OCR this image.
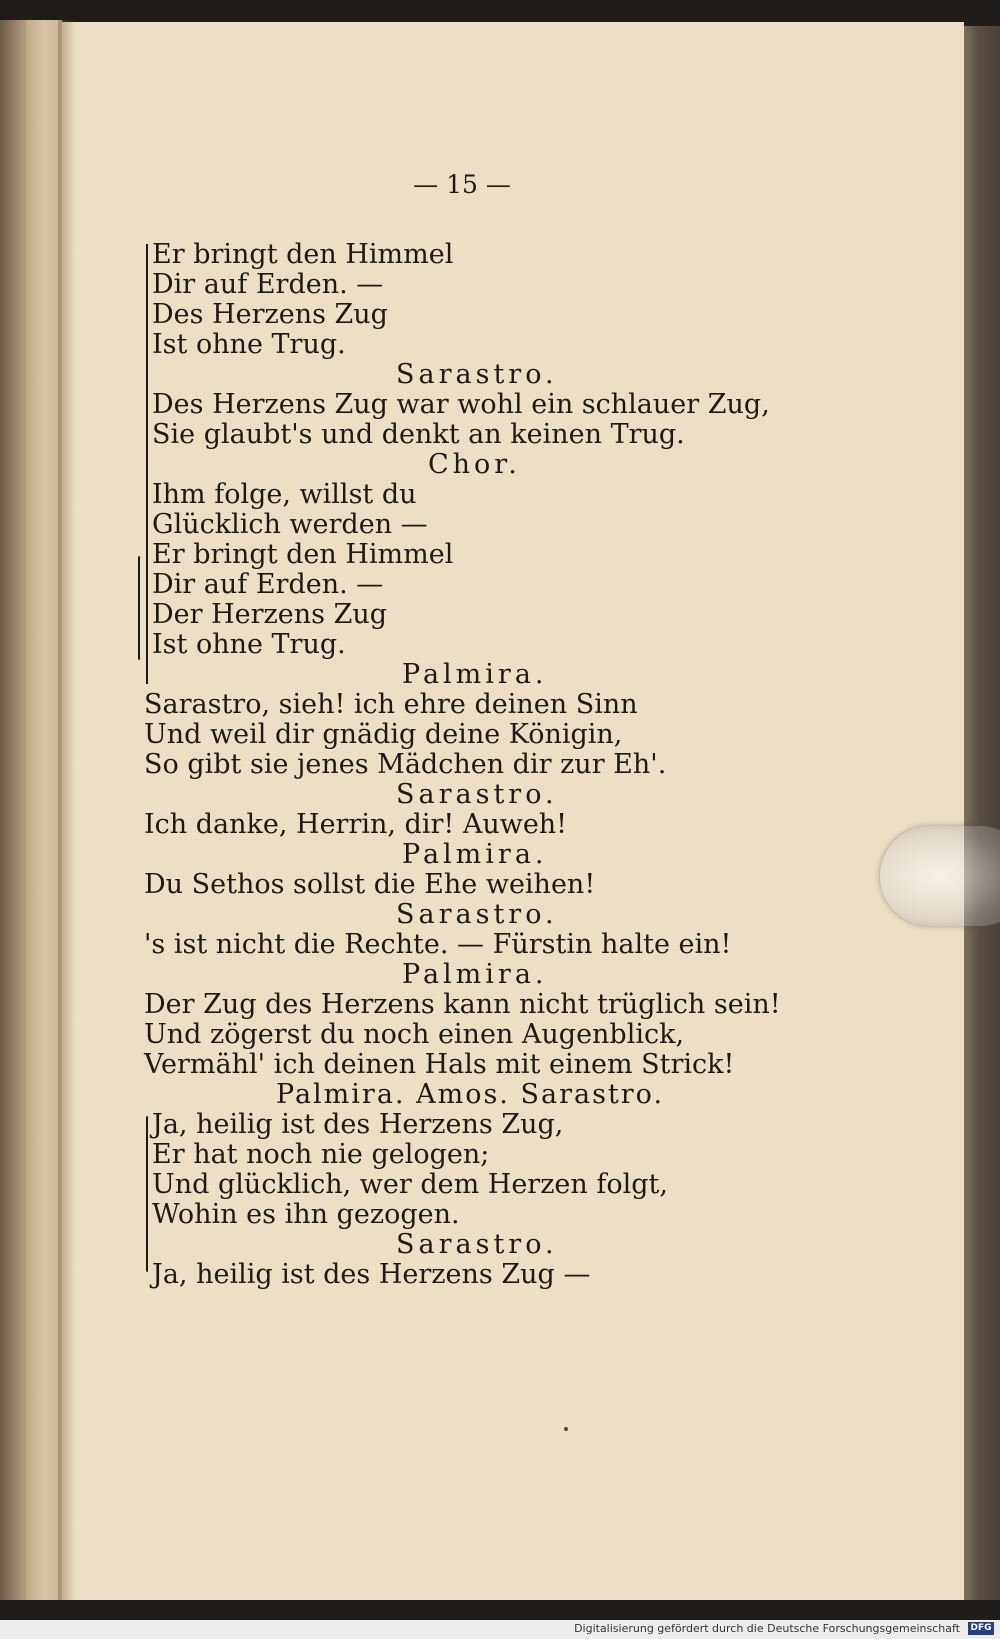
— 15 —
Er bringt den Himmel
Dir auf Erden. —
Des Herzens Zug
Ist ohne Trug.
Sarastro.
Des Herzens Zug war wohl ein schlauer Zug,
Sie glaubt's und denkt an keinen Trug.
Chor.
Ihm folge, willst du
Glücklich werden —
Er bringt den Himmel
Dir auf Erden. —
Der Herzens Zug
Ist ohne Trug.
Palmira.
Sarastro, sieh! ich ehre deinen Sinn
Und weil dir gnädig deine Königin,
So gibt sie jenes Mädchen dir zur Eh'.
Sarastro.
Ich danke, Herrin, dir! Auweh!
Palmira.
Du Sethos sollst die Ehe weihen!
Sarastro.
's ist nicht die Rechte. — Fürstin halte ein!
Palmira.
Der Zug des Herzens kann nicht trüglich sein!
Und zögerst du noch einen Augenblick,
Vermähl' ich deinen Hals mit einem Strick!
Palmira. Amos. Sarastro.
Ja, heilig ist des Herzens Zug,
Er hat noch nie gelogen;
Und glücklich, wer dem Herzen folgt,
Wohin es ihn gezogen.
Sarastro.
Ja, heilig ist des Herzens Zug —
Digitalisierung gefördert durch die Deutsche Forschungsgemeinschaft DFG
